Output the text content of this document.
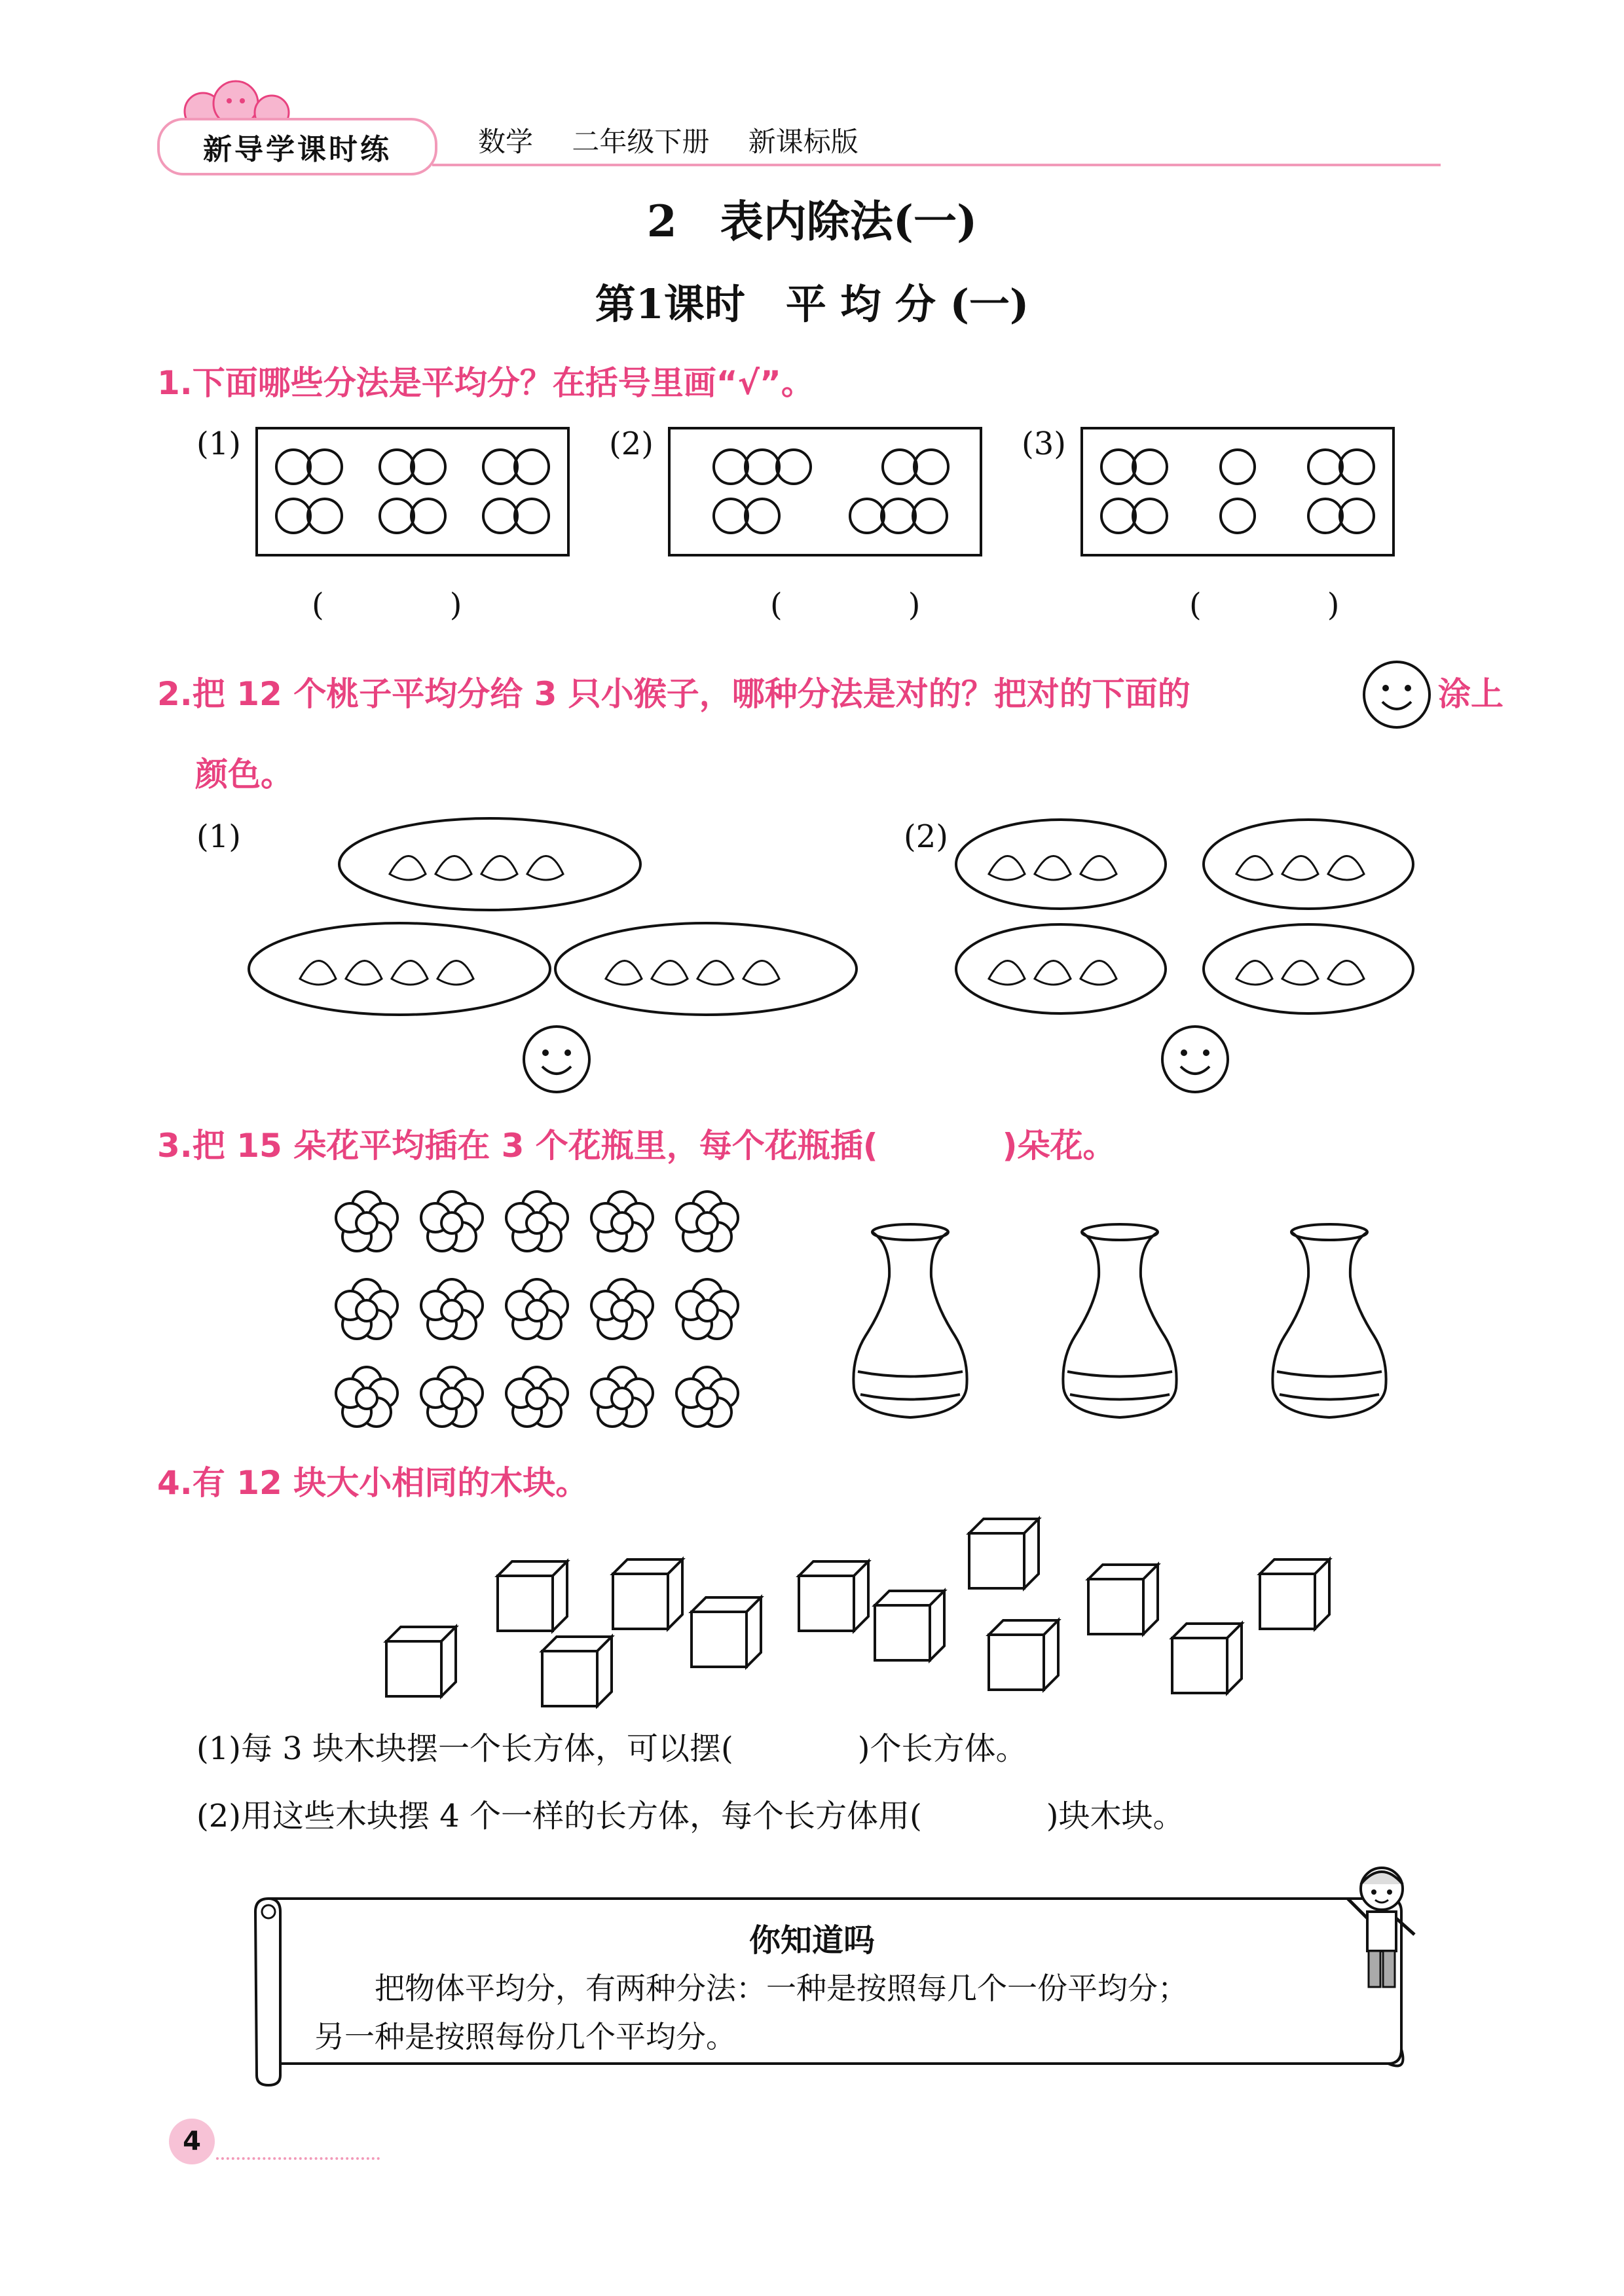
新导学课时练	数学 二年级下册 新课标版
2　表内除法(一)
第1课时　平 均 分 (一)
1.下面哪些分法是平均分？在括号里画“√”。
(1)
(　　　　)
(2)
(　　　　)
(3)
(　　　　)
2.把 12 个桃子平均分给 3 只小猴子，哪种分法是对的？把对的下面的	涂上
颜色。
(1)	(2)
3.把 15 朵花平均插在 3 个花瓶里，每个花瓶插(	)朵花。
4.有 12 块大小相同的木块。
(1)每 3 块木块摆一个长方体，可以摆(	)个长方体。
(2)用这些木块摆 4 个一样的长方体，每个长方体用(	)块木块。
你知道吗
把物体平均分，有两种分法：一种是按照每几个一份平均分；
另一种是按照每份几个平均分。
4
